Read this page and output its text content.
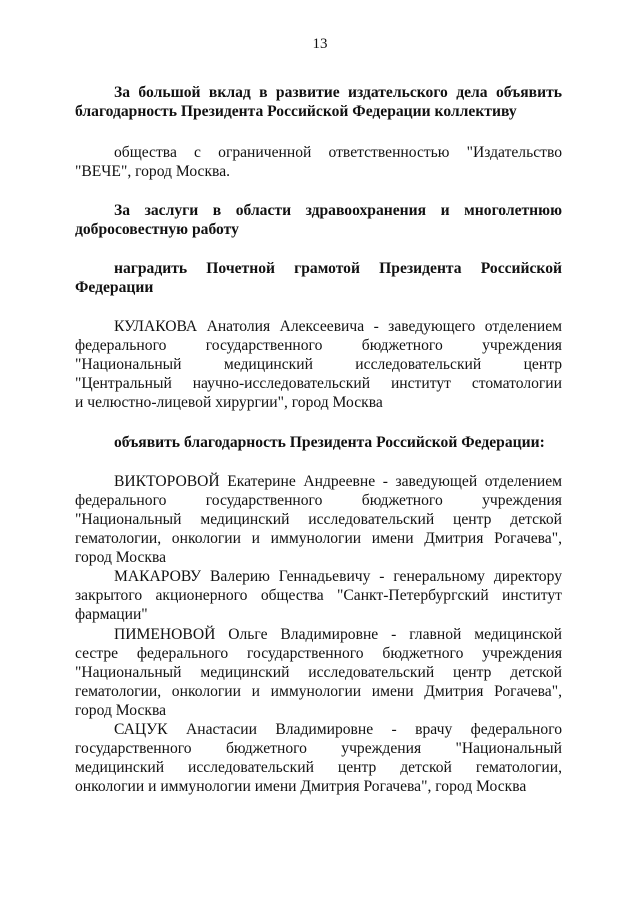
13
За большой вклад в развитие издательского дела объявить
благодарность Президента Российской Федерации коллективу
общества с ограниченной ответственностью "Издательство
"ВЕЧЕ", город Москва.
За заслуги в области здравоохранения и многолетнюю
добросовестную работу
наградить Почетной грамотой Президента Российской
Федерации
КУЛАКОВА Анатолия Алексеевича - заведующего отделением
федерального государственного бюджетного учреждения
"Национальный медицинский исследовательский центр
"Центральный научно-исследовательский институт стоматологии
и челюстно-лицевой хирургии", город Москва
объявить благодарность Президента Российской Федерации:
ВИКТОРОВОЙ Екатерине Андреевне - заведующей отделением
федерального государственного бюджетного учреждения
"Национальный медицинский исследовательский центр детской
гематологии, онкологии и иммунологии имени Дмитрия Рогачева",
город Москва
МАКАРОВУ Валерию Геннадьевичу - генеральному директору
закрытого акционерного общества "Санкт-Петербургский институт
фармации"
ПИМЕНОВОЙ Ольге Владимировне - главной медицинской
сестре федерального государственного бюджетного учреждения
"Национальный медицинский исследовательский центр детской
гематологии, онкологии и иммунологии имени Дмитрия Рогачева",
город Москва
САЦУК Анастасии Владимировне - врачу федерального
государственного бюджетного учреждения "Национальный
медицинский исследовательский центр детской гематологии,
онкологии и иммунологии имени Дмитрия Рогачева", город Москва
